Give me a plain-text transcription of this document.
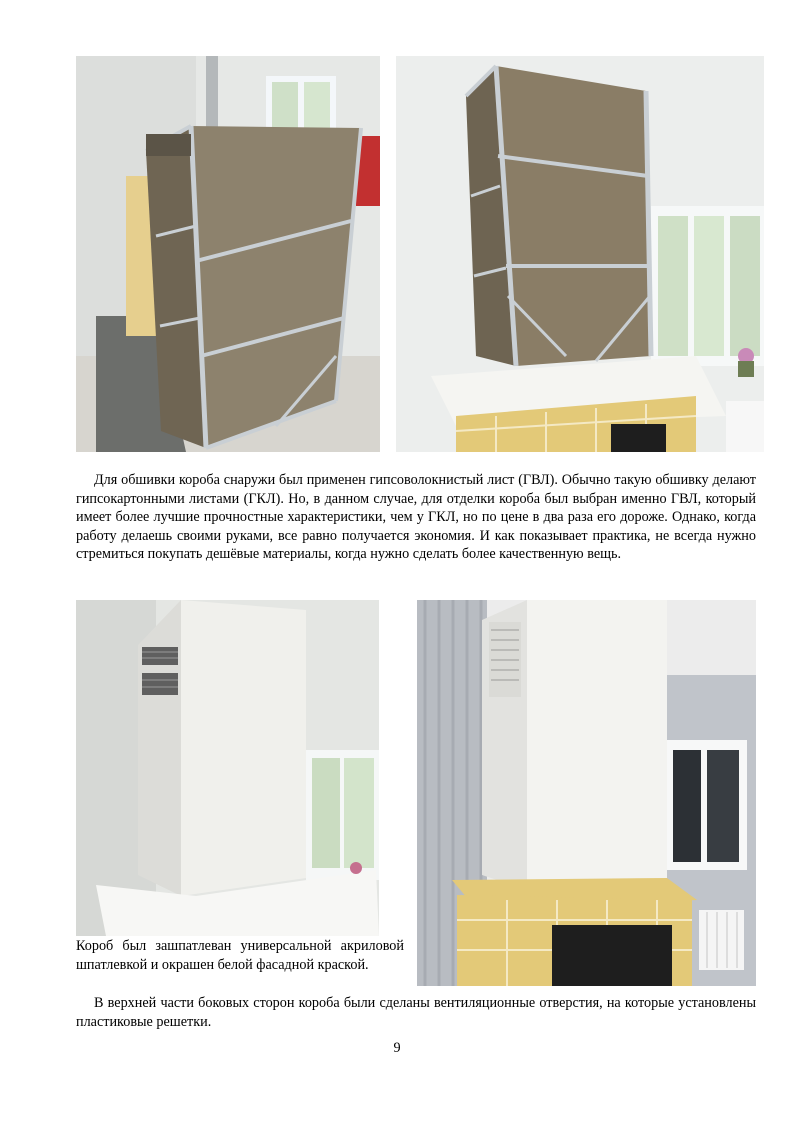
Для обшивки короба снаружи был применен гипсоволокнистый лист (ГВЛ). Обычно такую обшивку делают гипсокартонными листами (ГКЛ). Но, в данном случае, для отделки короба был выбран именно ГВЛ, который имеет более лучшие прочностные характеристики, чем у ГКЛ, но по цене в два раза его дороже. Однако, когда работу делаешь своими руками, все равно получается экономия. И как показывает практика, не всегда нужно стремиться покупать дешёвые материалы, когда нужно сделать более качественную вещь.

Короб был зашпатлеван универсальной акриловой шпатлевкой и окрашен белой фасадной краской.

В верхней части боковых сторон короба были сделаны вентиляционные отверстия, на которые установлены пластиковые решетки.

9
